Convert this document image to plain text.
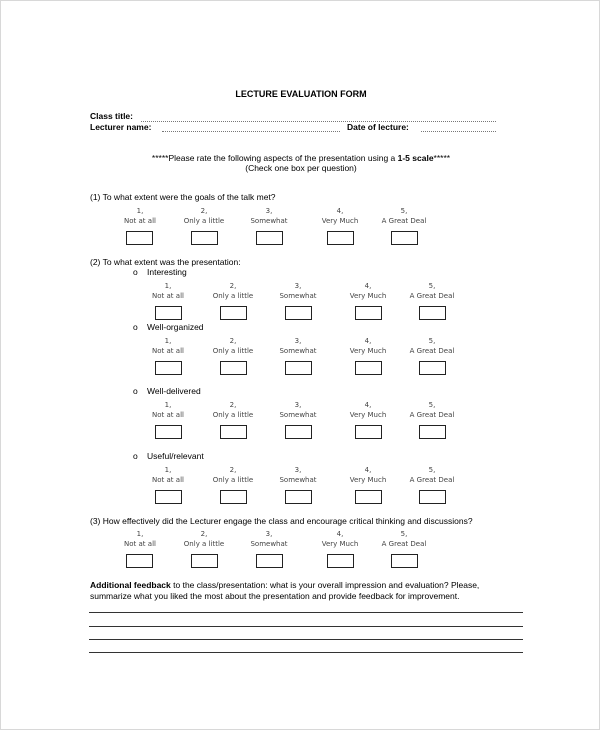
LECTURE EVALUATION FORM
Class title:
Lecturer name:	Date of lecture:
*****Please rate the following aspects of the presentation using a 1-5 scale*****
(Check one box per question)
(1) To what extent were the goals of the talk met?
1,
Not at all
2,
Only a little
3,
Somewhat
4,
Very Much
5,
A Great Deal
(2) To what extent was the presentation:
o Interesting
1,
Not at all
2,
Only a little
3,
Somewhat
4,
Very Much
5,
A Great Deal
o Well-organized
1,
Not at all
2,
Only a little
3,
Somewhat
4,
Very Much
5,
A Great Deal
o Well-delivered
1,
Not at all
2,
Only a little
3,
Somewhat
4,
Very Much
5,
A Great Deal
o Useful/relevant
1,
Not at all
2,
Only a little
3,
Somewhat
4,
Very Much
5,
A Great Deal
(3) How effectively did the Lecturer engage the class and encourage critical thinking and discussions?
1,
Not at all
2,
Only a little
3,
Somewhat
4,
Very Much
5,
A Great Deal
Additional feedback to the class/presentation: what is your overall impression and evaluation? Please, summarize what you liked the most about the presentation and provide feedback for improvement.
